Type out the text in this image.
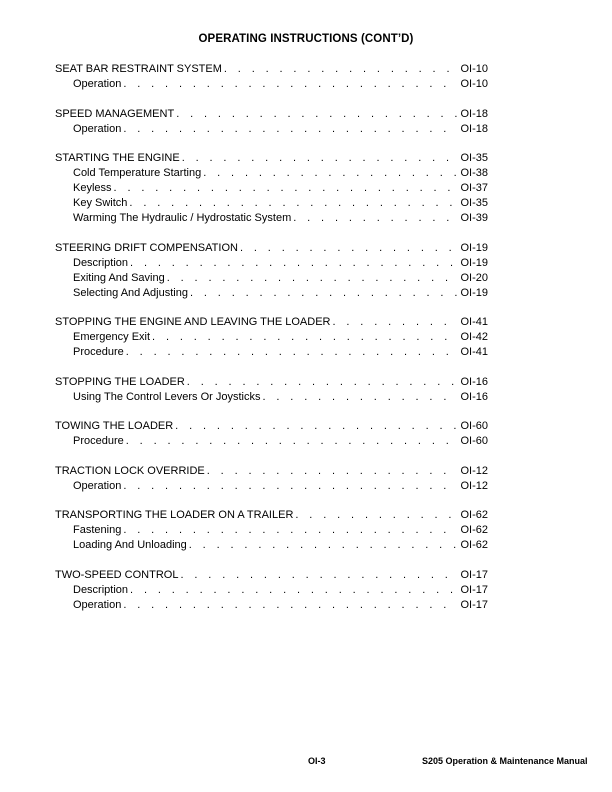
OPERATING INSTRUCTIONS (CONT’D)
SEAT BAR RESTRAINT SYSTEM . . .	OI-10
Operation . . .	OI-10
SPEED MANAGEMENT . . .	OI-18
Operation . . .	OI-18
STARTING THE ENGINE . . .	OI-35
Cold Temperature Starting . . .	OI-38
Keyless . . .	OI-37
Key Switch . . .	OI-35
Warming The Hydraulic / Hydrostatic System . . .	OI-39
STEERING DRIFT COMPENSATION . . .	OI-19
Description . . .	OI-19
Exiting And Saving . . .	OI-20
Selecting And Adjusting . . .	OI-19
STOPPING THE ENGINE AND LEAVING THE LOADER . . .	OI-41
Emergency Exit . . .	OI-42
Procedure . . .	OI-41
STOPPING THE LOADER . . .	OI-16
Using The Control Levers Or Joysticks . . .	OI-16
TOWING THE LOADER . . .	OI-60
Procedure . . .	OI-60
TRACTION LOCK OVERRIDE . . .	OI-12
Operation . . .	OI-12
TRANSPORTING THE LOADER ON A TRAILER . . .	OI-62
Fastening . . .	OI-62
Loading And Unloading . . .	OI-62
TWO-SPEED CONTROL . . .	OI-17
Description . . .	OI-17
Operation . . .	OI-17
OI-3	S205 Operation & Maintenance Manual
